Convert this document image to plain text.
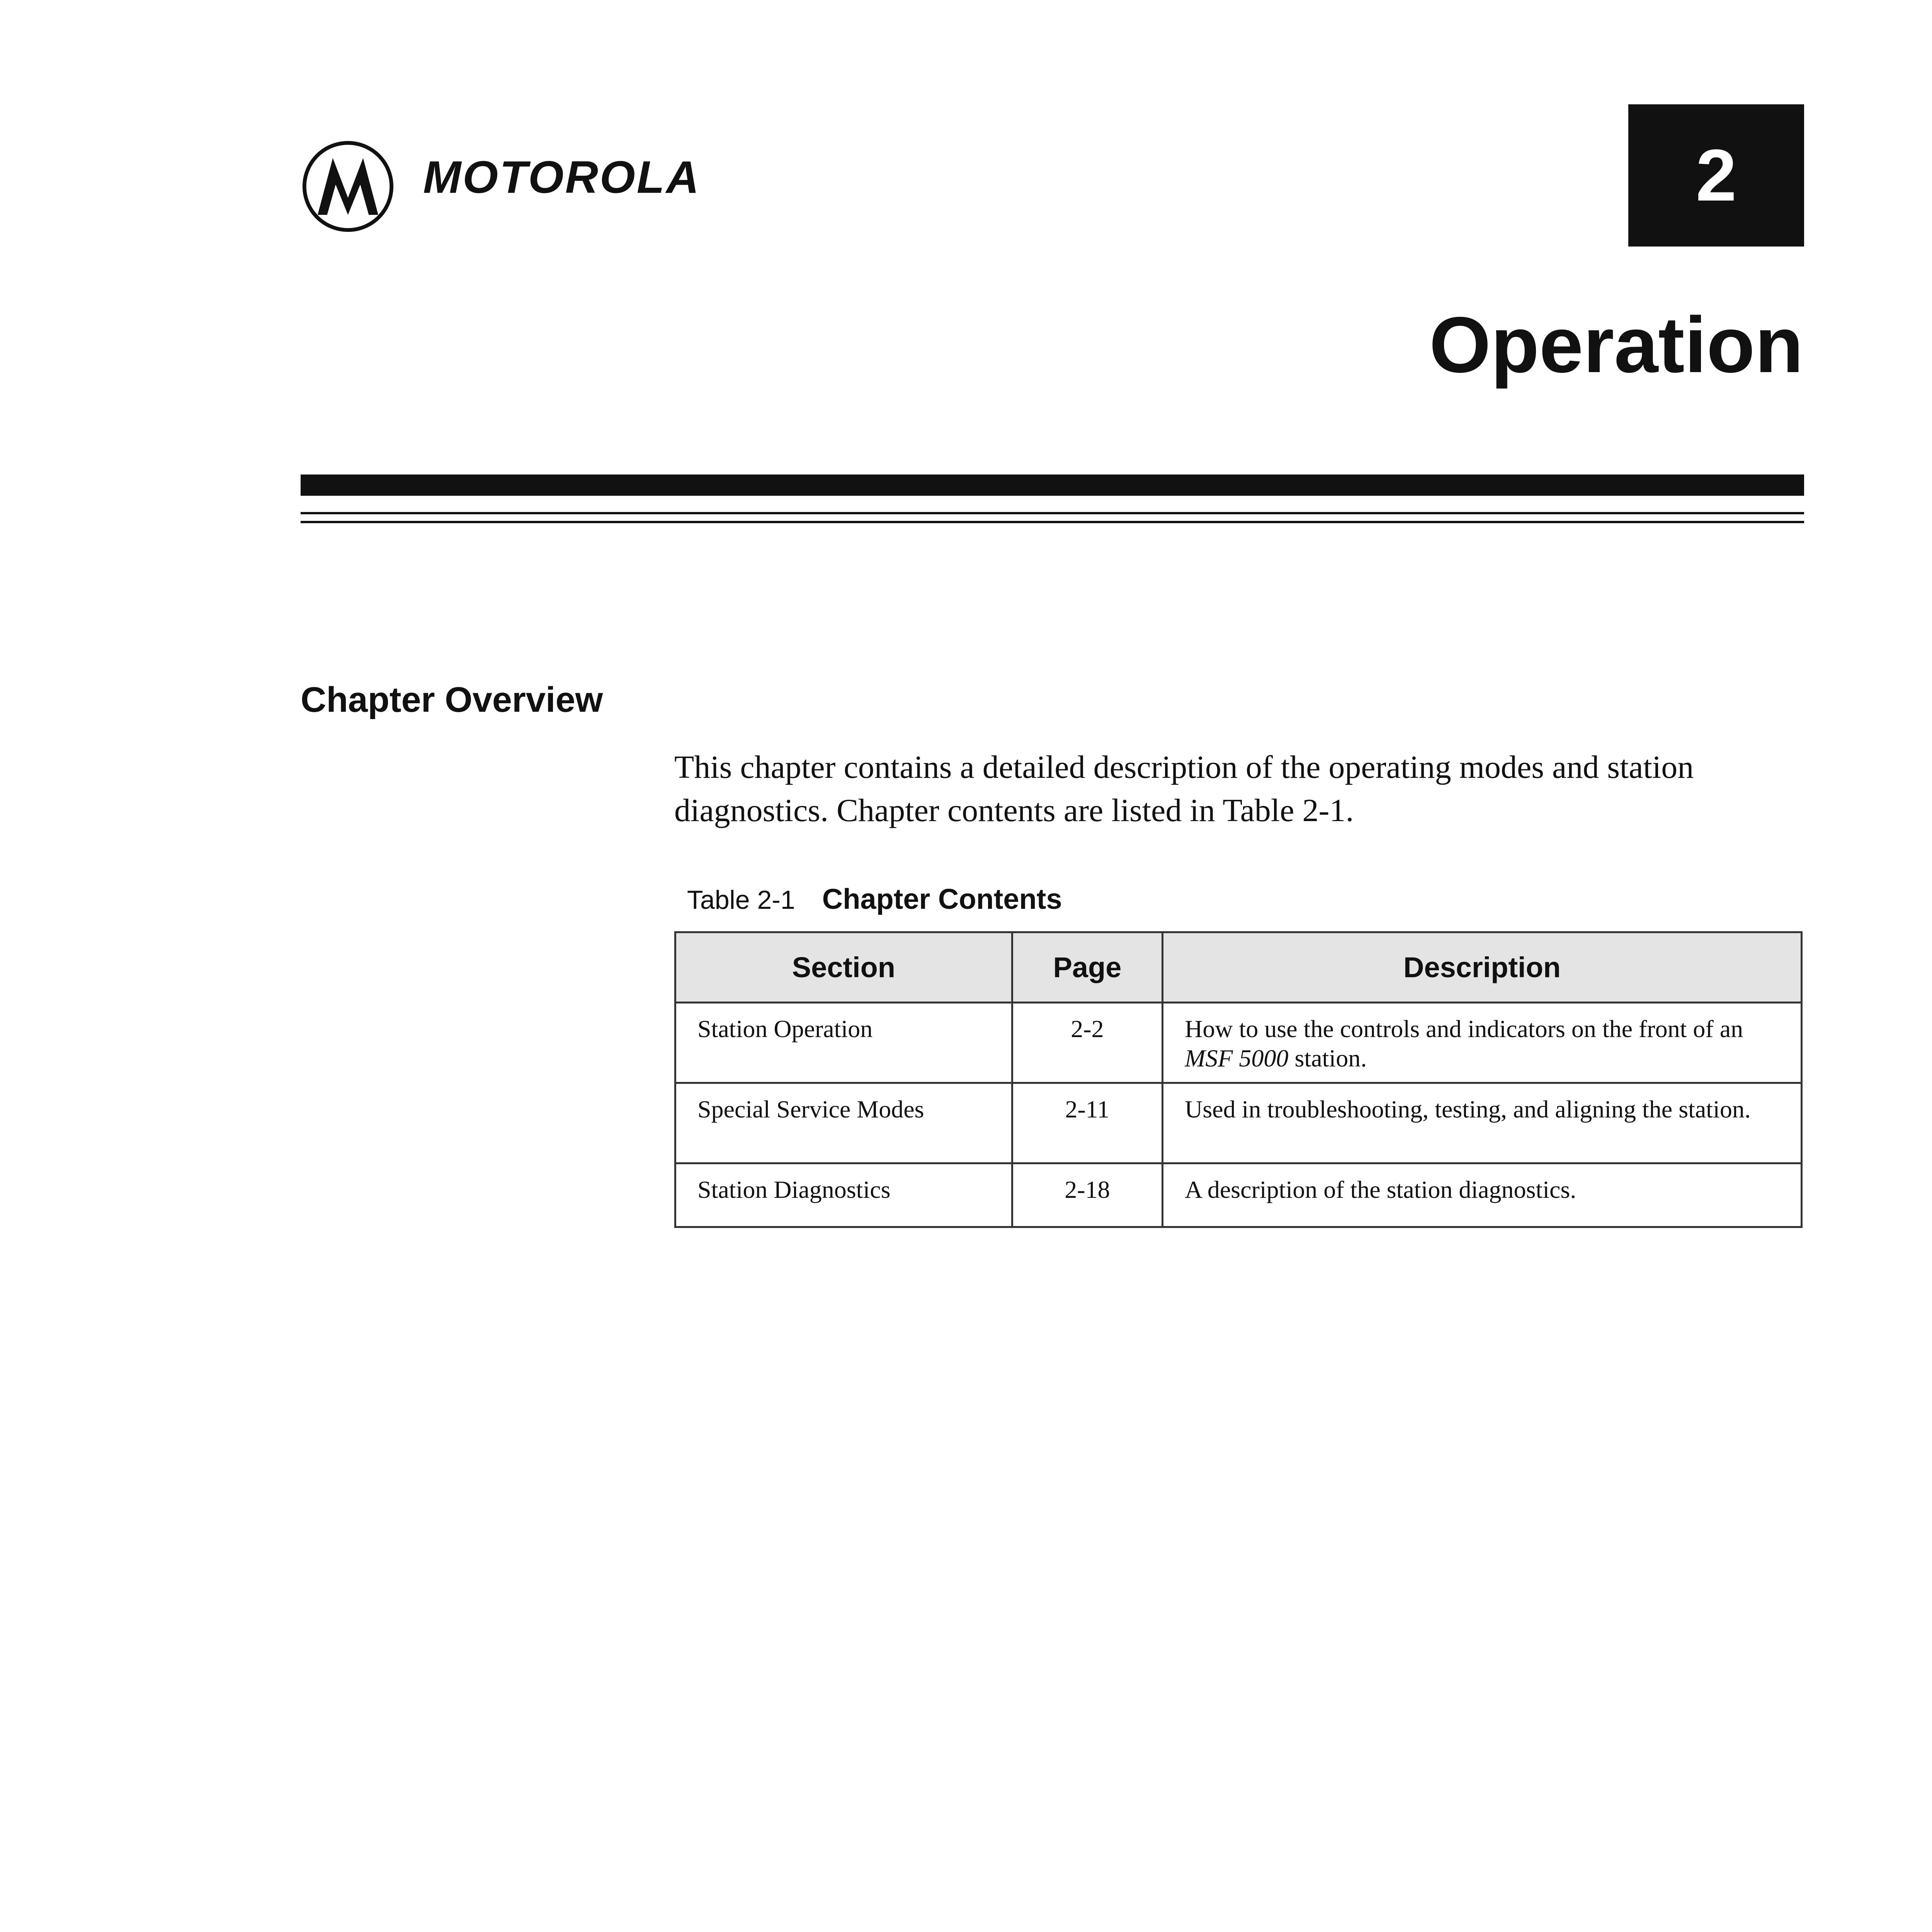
MOTOROLA	2
Operation
Chapter Overview
This chapter contains a detailed description of the operating modes and station diagnostics. Chapter contents are listed in Table 2-1.
Table 2-1 Chapter Contents
Section	Page	Description
Station Operation	2-2	How to use the controls and indicators on the front of an MSF 5000 station.
Special Service Modes	2-11	Used in troubleshooting, testing, and aligning the station.
Station Diagnostics	2-18	A description of the station diagnostics.
